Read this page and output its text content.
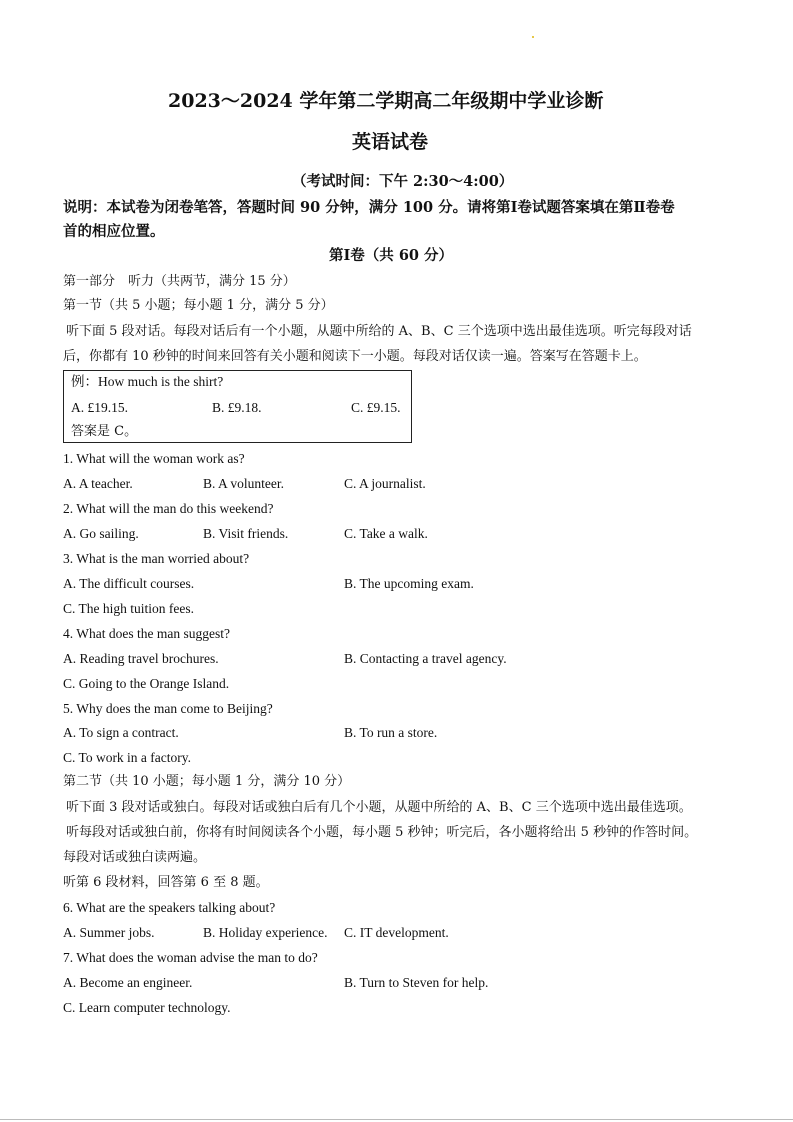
2023～2024 学年第二学期高二年级期中学业诊断
英语试卷
（考试时间：下午 2:30～4:00）
说明：本试卷为闭卷笔答，答题时间 90 分钟，满分 100 分。请将第Ⅰ卷试题答案填在第Ⅱ卷卷
首的相应位置。
第Ⅰ卷（共 60 分）
第一部分　听力（共两节，满分 15 分）
第一节（共 5 小题；每小题 1 分，满分 5 分）
听下面 5 段对话。每段对话后有一个小题，从题中所给的 A、B、C 三个选项中选出最佳选项。听完每段对话
后，你都有 10 秒钟的时间来回答有关小题和阅读下一小题。每段对话仅读一遍。答案写在答题卡上。
例：How much is the shirt?
A. £19.15.	B. £9.18.	C. £9.15.
答案是 C。
1. What will the woman work as?
A. A teacher.	B. A volunteer.	C. A journalist.
2. What will the man do this weekend?
A. Go sailing.	B. Visit friends.	C. Take a walk.
3. What is the man worried about?
A. The difficult courses.	B. The upcoming exam.
C. The high tuition fees.
4. What does the man suggest?
A. Reading travel brochures.	B. Contacting a travel agency.
C. Going to the Orange Island.
5. Why does the man come to Beijing?
A. To sign a contract.	B. To run a store.
C. To work in a factory.
第二节（共 10 小题；每小题 1 分，满分 10 分）
听下面 3 段对话或独白。每段对话或独白后有几个小题，从题中所给的 A、B、C 三个选项中选出最佳选项。
听每段对话或独白前，你将有时间阅读各个小题，每小题 5 秒钟；听完后，各小题将给出 5 秒钟的作答时间。
每段对话或独白读两遍。
听第 6 段材料，回答第 6 至 8 题。
6. What are the speakers talking about?
A. Summer jobs.	B. Holiday experience. C. IT development.
7. What does the woman advise the man to do?
A. Become an engineer.	B. Turn to Steven for help.
C. Learn computer technology.
